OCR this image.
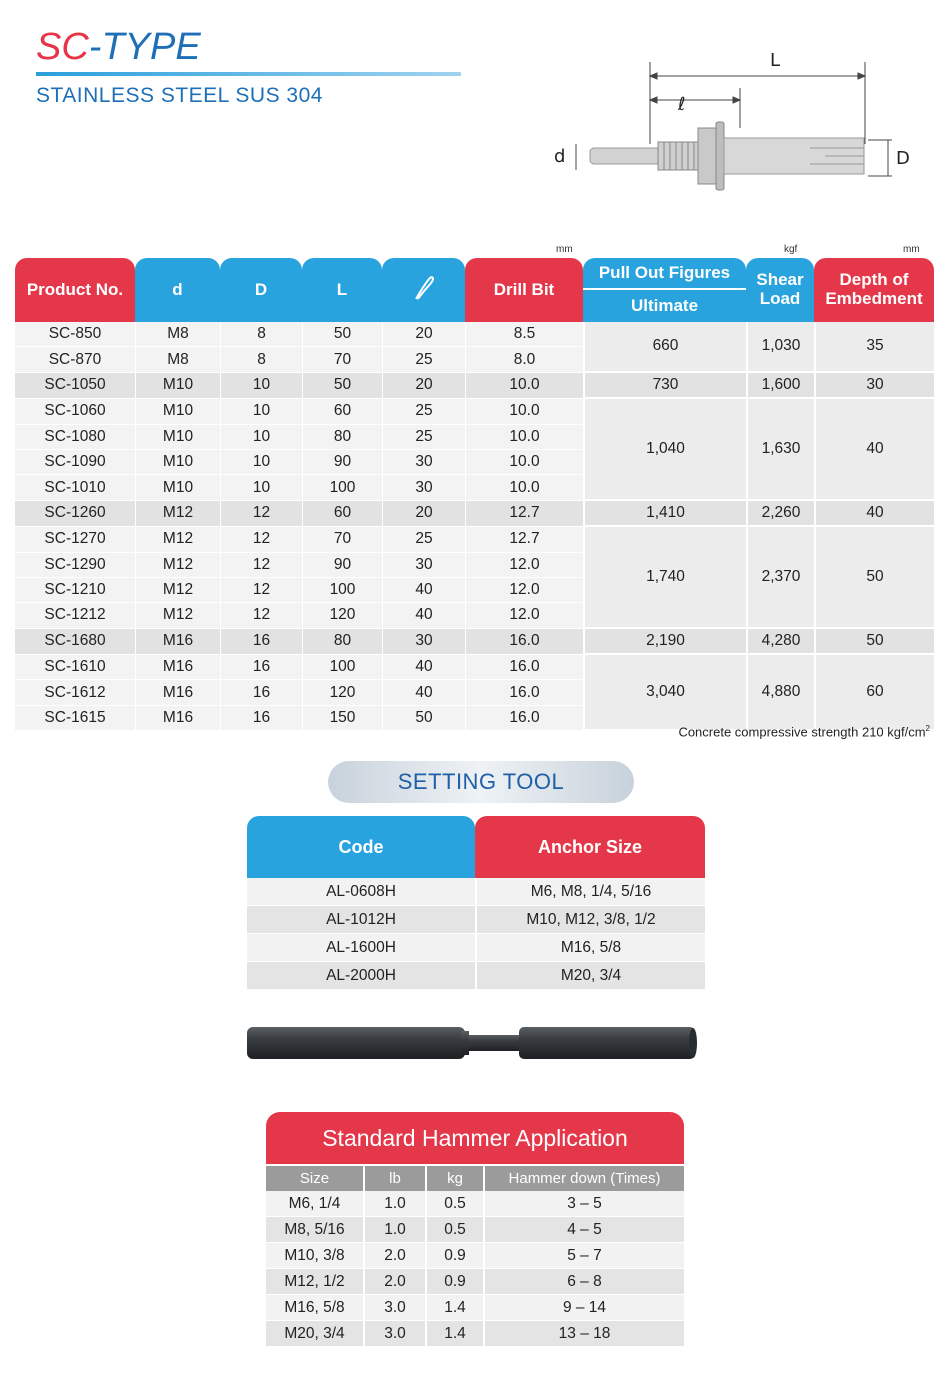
SC-TYPE
STAINLESS STEEL SUS 304
L
ℓ
d	D
mm	kgf	mm
Product No.	d	D	L		Drill Bit	Pull Out Figures	Shear Load	Depth of Embedment
						Ultimate		
SC-850	M8	8	50	20	8.5	660	1,030	35
SC-870	M8	8	70	25	8.0			
SC-1050	M10	10	50	20	10.0	730	1,600	30
SC-1060	M10	10	60	25	10.0	1,040	1,630	40
SC-1080	M10	10	80	25	10.0			
SC-1090	M10	10	90	30	10.0			
SC-1010	M10	10	100	30	10.0			
SC-1260	M12	12	60	20	12.7	1,410	2,260	40
SC-1270	M12	12	70	25	12.7	1,740	2,370	50
SC-1290	M12	12	90	30	12.0			
SC-1210	M12	12	100	40	12.0			
SC-1212	M12	12	120	40	12.0			
SC-1680	M16	16	80	30	16.0	2,190	4,280	50
SC-1610	M16	16	100	40	16.0	3,040	4,880	60
SC-1612	M16	16	120	40	16.0			
SC-1615	M16	16	150	50	16.0			
Concrete compressive strength 210 kgf/$cm^2$
SETTING TOOL
Code	Anchor Size
AL-0608H	M6, M8, 1/4, 5/16
AL-1012H	M10, M12, 3/8, 1/2
AL-1600H	M16, 5/8
AL-2000H	M20, 3/4
Standard Hammer Application
Size	lb	kg	Hammer down (Times)
M6, 1/4	1.0	0.5	3 – 5
M8, 5/16	1.0	0.5	4 – 5
M10, 3/8	2.0	0.9	5 – 7
M12, 1/2	2.0	0.9	6 – 8
M16, 5/8	3.0	1.4	9 – 14
M20, 3/4	3.0	1.4	13 – 18
